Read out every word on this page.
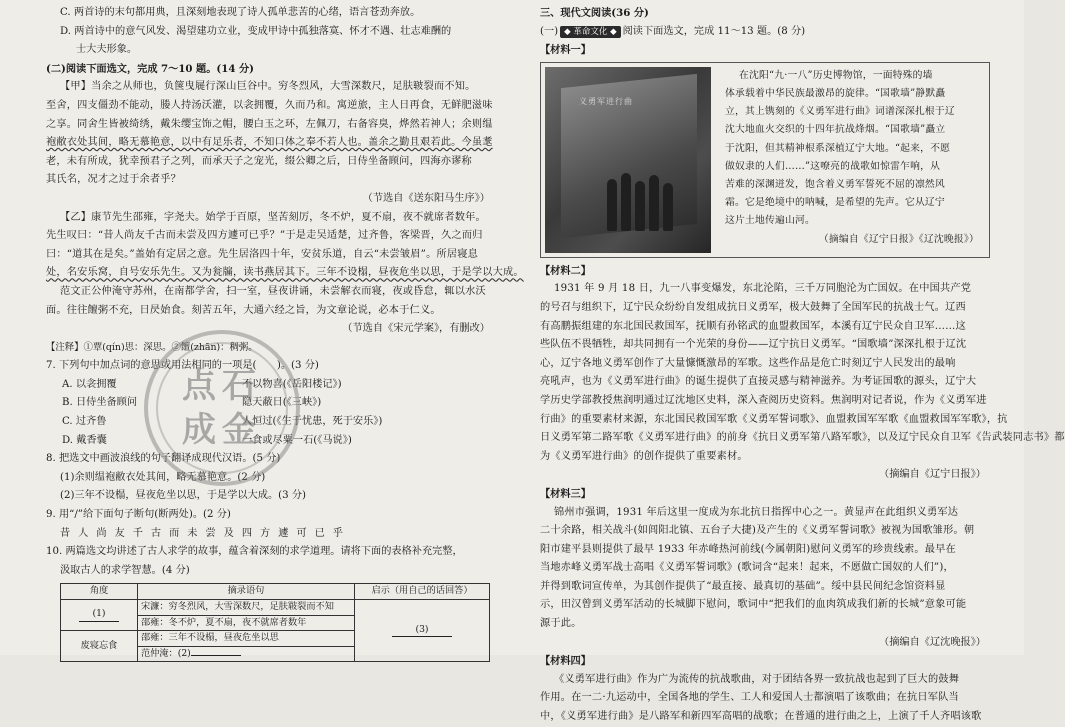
C. 两首诗的末句都用典，且深刻地表现了诗人孤单悲苦的心绪，语言苍劲奔放。
D. 两首诗中的意气风发、渴望建功立业，变成甲诗中孤独落寞、怀才不遇、壮志难酬的
士大夫形象。
(二)阅读下面选文，完成 7～10 题。(14 分)
【甲】当余之从师也，负箧曳屣行深山巨谷中。穷冬烈风，大雪深数尺，足肤皲裂而不知。
至舍，四支僵劲不能动，媵人持汤沃灌，以衾拥覆，久而乃和。寓逆旅，主人日再食，无鲜肥滋味
之享。同舍生皆被绮绣，戴朱缨宝饰之帽，腰白玉之环，左佩刀，右备容臭，烨然若神人；余则缊
袍敝衣处其间，略无慕艳意，以中有足乐者，不知口体之奉不若人也。盖余之勤且艰若此。今虽耄
老，未有所成，犹幸预君子之列，而承天子之宠光，缀公卿之后，日侍坐备顾问，四海亦谬称
其氏名，况才之过于余者乎？
（节选自《送东阳马生序》）
【乙】康节先生邵雍，字尧夫。始学于百原，坚苦刻厉，冬不炉，夏不扇，夜不就席者数年。
先生叹曰：“昔人尚友千古而未尝及四方遽可已乎？”于是走吴适楚，过齐鲁，客梁晋，久之而归
曰：“道其在是矣。”盖始有定居之意。先生居洛四十年，安贫乐道，自云“未尝皱眉”。所居寝息
处，名安乐窝，自号安乐先生。又为瓮牖，读书燕居其下。三年不设榻，昼夜危坐以思，于是学以大成。
范文正公仲淹守苏州，在南都学舍，扫一室，昼夜讲诵，未尝解衣而寝，夜或昏怠，辄以水沃
面。往往饘粥不充，日昃始食。刻苦五年，大通六经之旨，为文章论说，必本于仁义。
（节选自《宋元学案》，有删改）
【注释】①覃(qín)思：深思。②饘(zhān)：稠粥。
7. 下列句中加点词的意思或用法相同的一项是(　　)。(3 分)
A. 以衾拥覆	不以物喜(《岳阳楼记》)
B. 日侍坐备顾问	隐天蔽日(《三峡》)
C. 过齐鲁	人恒过(《生于忧患，死于安乐》)
D. 戴香囊	一食或尽粟一石(《马说》)
8. 把选文中画波浪线的句子翻译成现代汉语。(5 分)
(1)余则缊袍敝衣处其间，略无慕艳意。(2 分)
(2)三年不设榻，昼夜危坐以思，于是学以大成。(3 分)
9. 用“/”给下面句子断句(断两处)。(2 分)
昔人尚友千古而未尝及四方遽可已乎
10. 两篇选文均讲述了古人求学的故事，蕴含着深刻的求学道理。请将下面的表格补充完整，
汲取古人的求学智慧。(4 分)
角度	摘录语句	启示（用自己的话回答）
(1)	宋濂：穷冬烈风，大雪深数尺，足肤皲裂而不知	(3)
	邵雍：冬不炉，夏不扇，夜不就席者数年	
废寝忘食	邵雍：三年不设榻，昼夜危坐以思	
	范仲淹：(2)	
点石
成金
三、现代文阅读(36 分)
(一) ◆ 革命文化 ◆ 阅读下面选文，完成 11～13 题。(8 分)
【材料一】
义勇军进行曲
在沈阳“九·一八”历史博物馆，一面特殊的墙
体承载着中华民族最激昂的旋律。“国歌墙”静默矗
立，其上镌刻的《义勇军进行曲》词谱深深扎根于辽
沈大地血火交织的十四年抗战烽烟。“国歌墙”矗立
于沈阳，但其精神根系深植辽宁大地。“起来，不愿
做奴隶的人们……”这嘹亮的战歌如惊雷乍响，从
苦难的深渊迸发，饱含着义勇军誓死不屈的凛然风
霜。它是绝境中的呐喊，是希望的先声。它从辽宁
这片土地传遍山河。
（摘编自《辽宁日报》《辽沈晚报》）
【材料二】
1931 年 9 月 18 日，九一八事变爆发，东北沦陷，三千万同胞沦为亡国奴。在中国共产党
的号召与组织下，辽宁民众纷纷自发组成抗日义勇军，极大鼓舞了全国军民的抗战士气。辽西
有高鹏振组建的东北国民救国军，抚顺有孙铭武的血盟救国军，本溪有辽宁民众自卫军……这
些队伍不畏牺牲，却共同拥有一个光荣的身份——辽宁抗日义勇军。“国歌墙”深深扎根于辽沈
心，辽宁各地义勇军创作了大量慷慨激昂的军歌。这些作品是危亡时刻辽宁人民发出的最响
亮吼声，也为《义勇军进行曲》的诞生提供了直接灵感与精神滋养。为考证国歌的源头，辽宁大
学历史学部教授焦润明通过辽沈地区史料，深入查阅历史资料。焦润明对记者说，作为《义勇军进
行曲》的重要素材来源，东北国民救国军歌《义勇军誓词歌》、血盟救国军军歌《血盟救国军军歌》，抗
日义勇军第二路军歌《义勇军进行曲》的前身《抗日义勇军第八路军歌》，以及辽宁民众自卫军《告武装同志书》都
为《义勇军进行曲》的创作提供了重要素材。
（摘编自《辽宁日报》）
【材料三】
锦州市强调，1931 年后这里一度成为东北抗日指挥中心之一。黄显声在此组织义勇军达
二十余路，相关战斗(如闾阳北镇、五台子大捷)及产生的《义勇军誓词歌》被视为国歌雏形。朝
阳市建平县则提供了最早 1933 年赤峰热河前线(今属朝阳)慰问义勇军的珍贵线索。最早在
当地赤峰义勇军战士高唱《义勇军誓词歌》(歌词含“起来！起来，不愿做亡国奴的人们”)，
并得到歌词宣传单，为其创作提供了“最直接、最真切的基础”。绥中县民间纪念馆资料显
示，田汉曾到义勇军活动的长城脚下慰问，歌词中“把我们的血肉筑成我们新的长城”意象可能
源于此。
（摘编自《辽沈晚报》）
【材料四】
《义勇军进行曲》作为广为流传的抗战歌曲，对于团结各界一致抗战也起到了巨大的鼓舞
作用。在一二·九运动中，全国各地的学生、工人和爱国人士都演唱了该歌曲；在抗日军队当
中，《义勇军进行曲》是八路军和新四军高唱的战歌；在普通的进行曲之上，上演了千人齐唱该歌
